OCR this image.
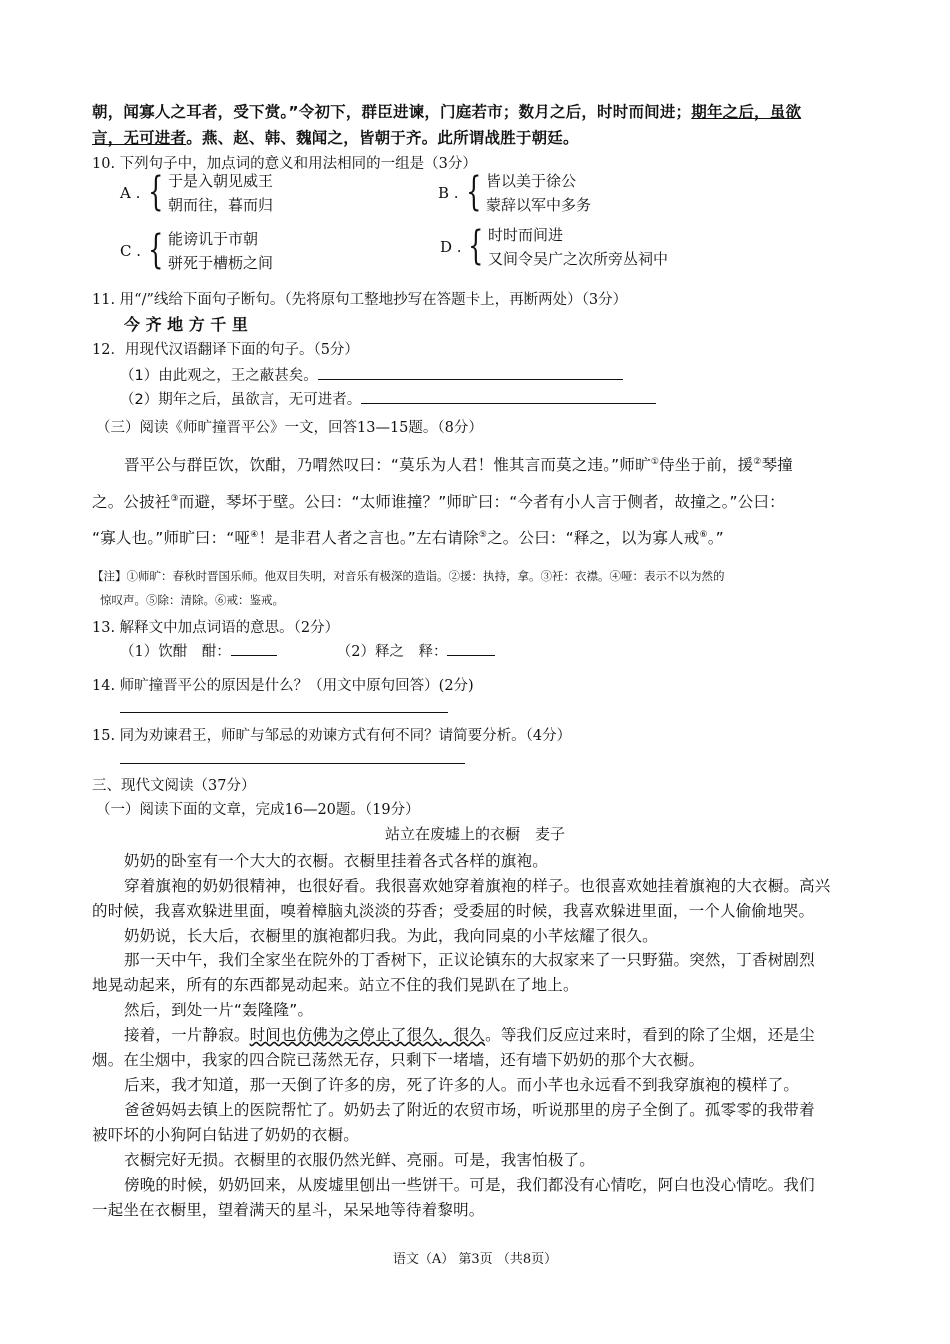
朝，闻寡人之耳者，受下赏。”令初下，群臣进谏，门庭若市；数月之后，时时而间进；期年之后，虽欲
言，无可进者。燕、赵、韩、魏闻之，皆朝于齐。此所谓战胜于朝廷。
10. 下列句子中，加点词的意义和用法相同的一组是（3分）
A . { 于是入朝见威王
朝而往，暮而归
B . { 皆以美于徐公
蒙辞以军中多务
C . { 能谤讥于市朝
骈死于槽枥之间
D . { 时时而间进
又间令吴广之次所旁丛祠中
11. 用“/”线给下面句子断句。（先将原句工整地抄写在答题卡上，再断两处）（3分）
今 齐 地 方 千 里
12．用现代汉语翻译下面的句子。（5分）
（1）由此观之，王之蔽甚矣。
（2）期年之后，虽欲言，无可进者。
（三）阅读《师旷撞晋平公》一文，回答13—15题。（8分）
晋平公与群臣饮，饮酣，乃喟然叹曰：“莫乐为人君！惟其言而莫之违。”师旷①侍坐于前，援②琴撞
之。公披衽③而避，琴坏于壁。公曰：“太师谁撞？”师旷曰：“今者有小人言于侧者，故撞之。”公曰：
“寡人也。”师旷曰：“哑④！是非君人者之言也。”左右请除⑤之。公曰：“释之，以为寡人戒⑥。”
【注】①师旷：春秋时晋国乐师。他双目失明，对音乐有极深的造诣。②援：执持，拿。③衽：衣襟。④哑：表示不以为然的
惊叹声。⑤除：清除。⑥戒：鉴戒。
13. 解释文中加点词语的意思。（2分）
（1）饮酣　酣：	（2）释之　释：
14. 师旷撞晋平公的原因是什么？（用文中原句回答）(2分)
15. 同为劝谏君王，师旷与邹忌的劝谏方式有何不同？请简要分析。（4分）
三、现代文阅读（37分）
（一）阅读下面的文章，完成16—20题。（19分）
站立在废墟上的衣橱　麦子
奶奶的卧室有一个大大的衣橱。衣橱里挂着各式各样的旗袍。
穿着旗袍的奶奶很精神，也很好看。我很喜欢她穿着旗袍的样子。也很喜欢她挂着旗袍的大衣橱。高兴
的时候，我喜欢躲进里面，嗅着樟脑丸淡淡的芬香；受委屈的时候，我喜欢躲进里面，一个人偷偷地哭。
奶奶说，长大后，衣橱里的旗袍都归我。为此，我向同桌的小芊炫耀了很久。
那一天中午，我们全家坐在院外的丁香树下，正议论镇东的大叔家来了一只野猫。突然，丁香树剧烈
地晃动起来，所有的东西都晃动起来。站立不住的我们晃趴在了地上。
然后，到处一片“轰隆隆”。
接着，一片静寂。时间也仿佛为之停止了很久，很久。等我们反应过来时，看到的除了尘烟，还是尘
烟。在尘烟中，我家的四合院已荡然无存，只剩下一堵墙，还有墙下奶奶的那个大衣橱。
后来，我才知道，那一天倒了许多的房，死了许多的人。而小芊也永远看不到我穿旗袍的模样了。
爸爸妈妈去镇上的医院帮忙了。奶奶去了附近的农贸市场，听说那里的房子全倒了。孤零零的我带着
被吓坏的小狗阿白钻进了奶奶的衣橱。
衣橱完好无损。衣橱里的衣服仍然光鲜、亮丽。可是，我害怕极了。
傍晚的时候，奶奶回来，从废墟里刨出一些饼干。可是，我们都没有心情吃，阿白也没心情吃。我们
一起坐在衣橱里，望着满天的星斗，呆呆地等待着黎明。
语文（A） 第3页 （共8页）
